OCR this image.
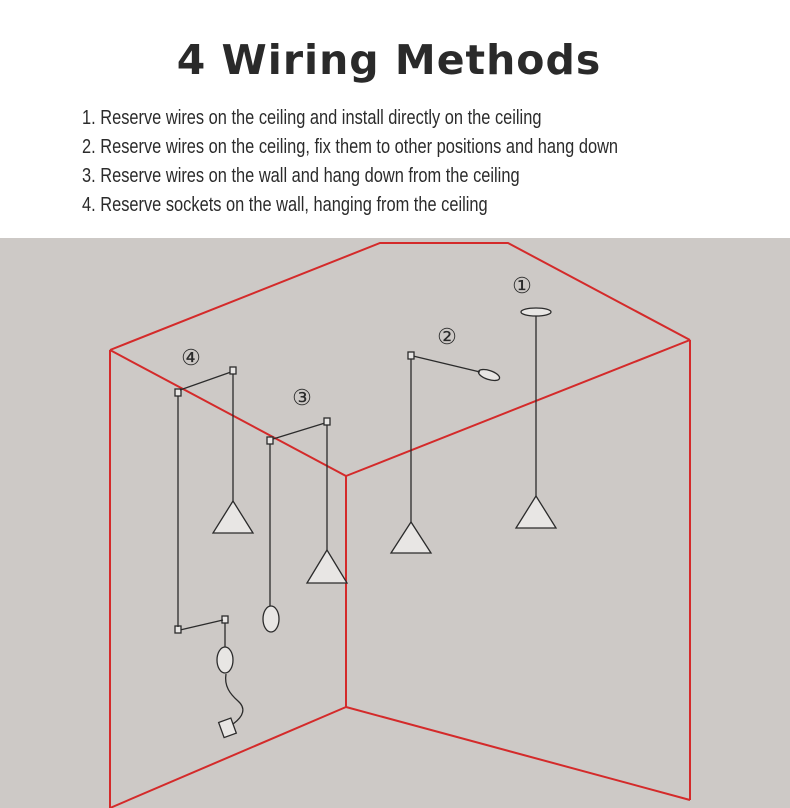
4 Wiring Methods
1. Reserve wires on the ceiling and install directly on the ceiling
2. Reserve wires on the ceiling, fix them to other positions and hang down
3. Reserve wires on the wall and hang down from the ceiling
4. Reserve sockets on the wall, hanging from the ceiling
①
②
③
④
